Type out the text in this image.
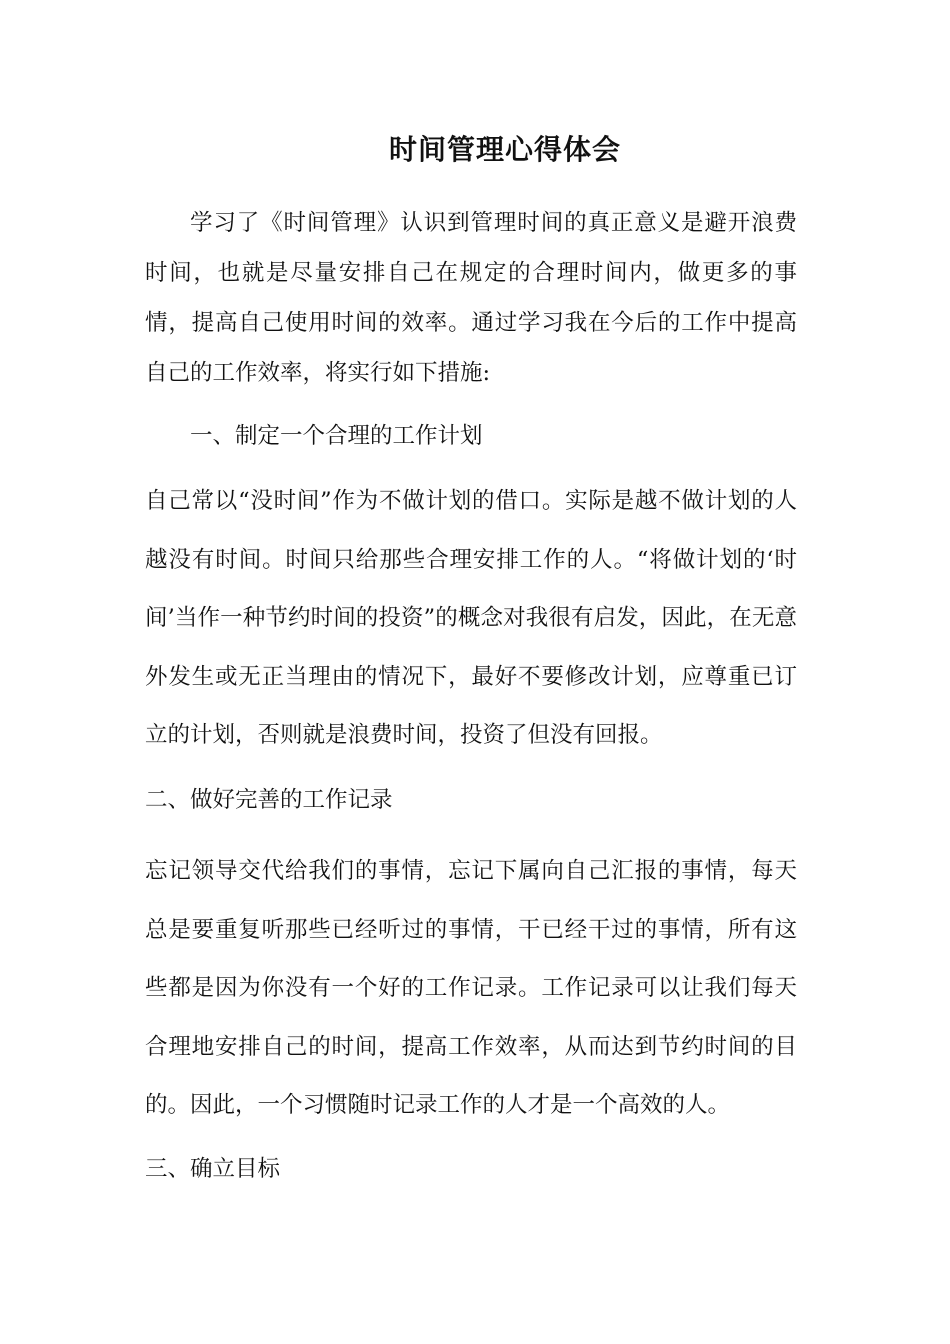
时间管理心得体会

学习了《时间管理》认识到管理时间的真正意义是避开浪费时间，也就是尽量安排自己在规定的合理时间内，做更多的事情，提高自己使用时间的效率。通过学习我在今后的工作中提高自己的工作效率，将实行如下措施:

一、制定一个合理的工作计划

自己常以“没时间”作为不做计划的借口。实际是越不做计划的人越没有时间。时间只给那些合理安排工作的人。“将做计划的‘时间’当作一种节约时间的投资”的概念对我很有启发，因此，在无意外发生或无正当理由的情况下，最好不要修改计划，应尊重已订立的计划，否则就是浪费时间，投资了但没有回报。

二、做好完善的工作记录

忘记领导交代给我们的事情，忘记下属向自己汇报的事情，每天总是要重复听那些已经听过的事情，干已经干过的事情，所有这些都是因为你没有一个好的工作记录。工作记录可以让我们每天合理地安排自己的时间，提高工作效率，从而达到节约时间的目的。因此，一个习惯随时记录工作的人才是一个高效的人。

三、确立目标
